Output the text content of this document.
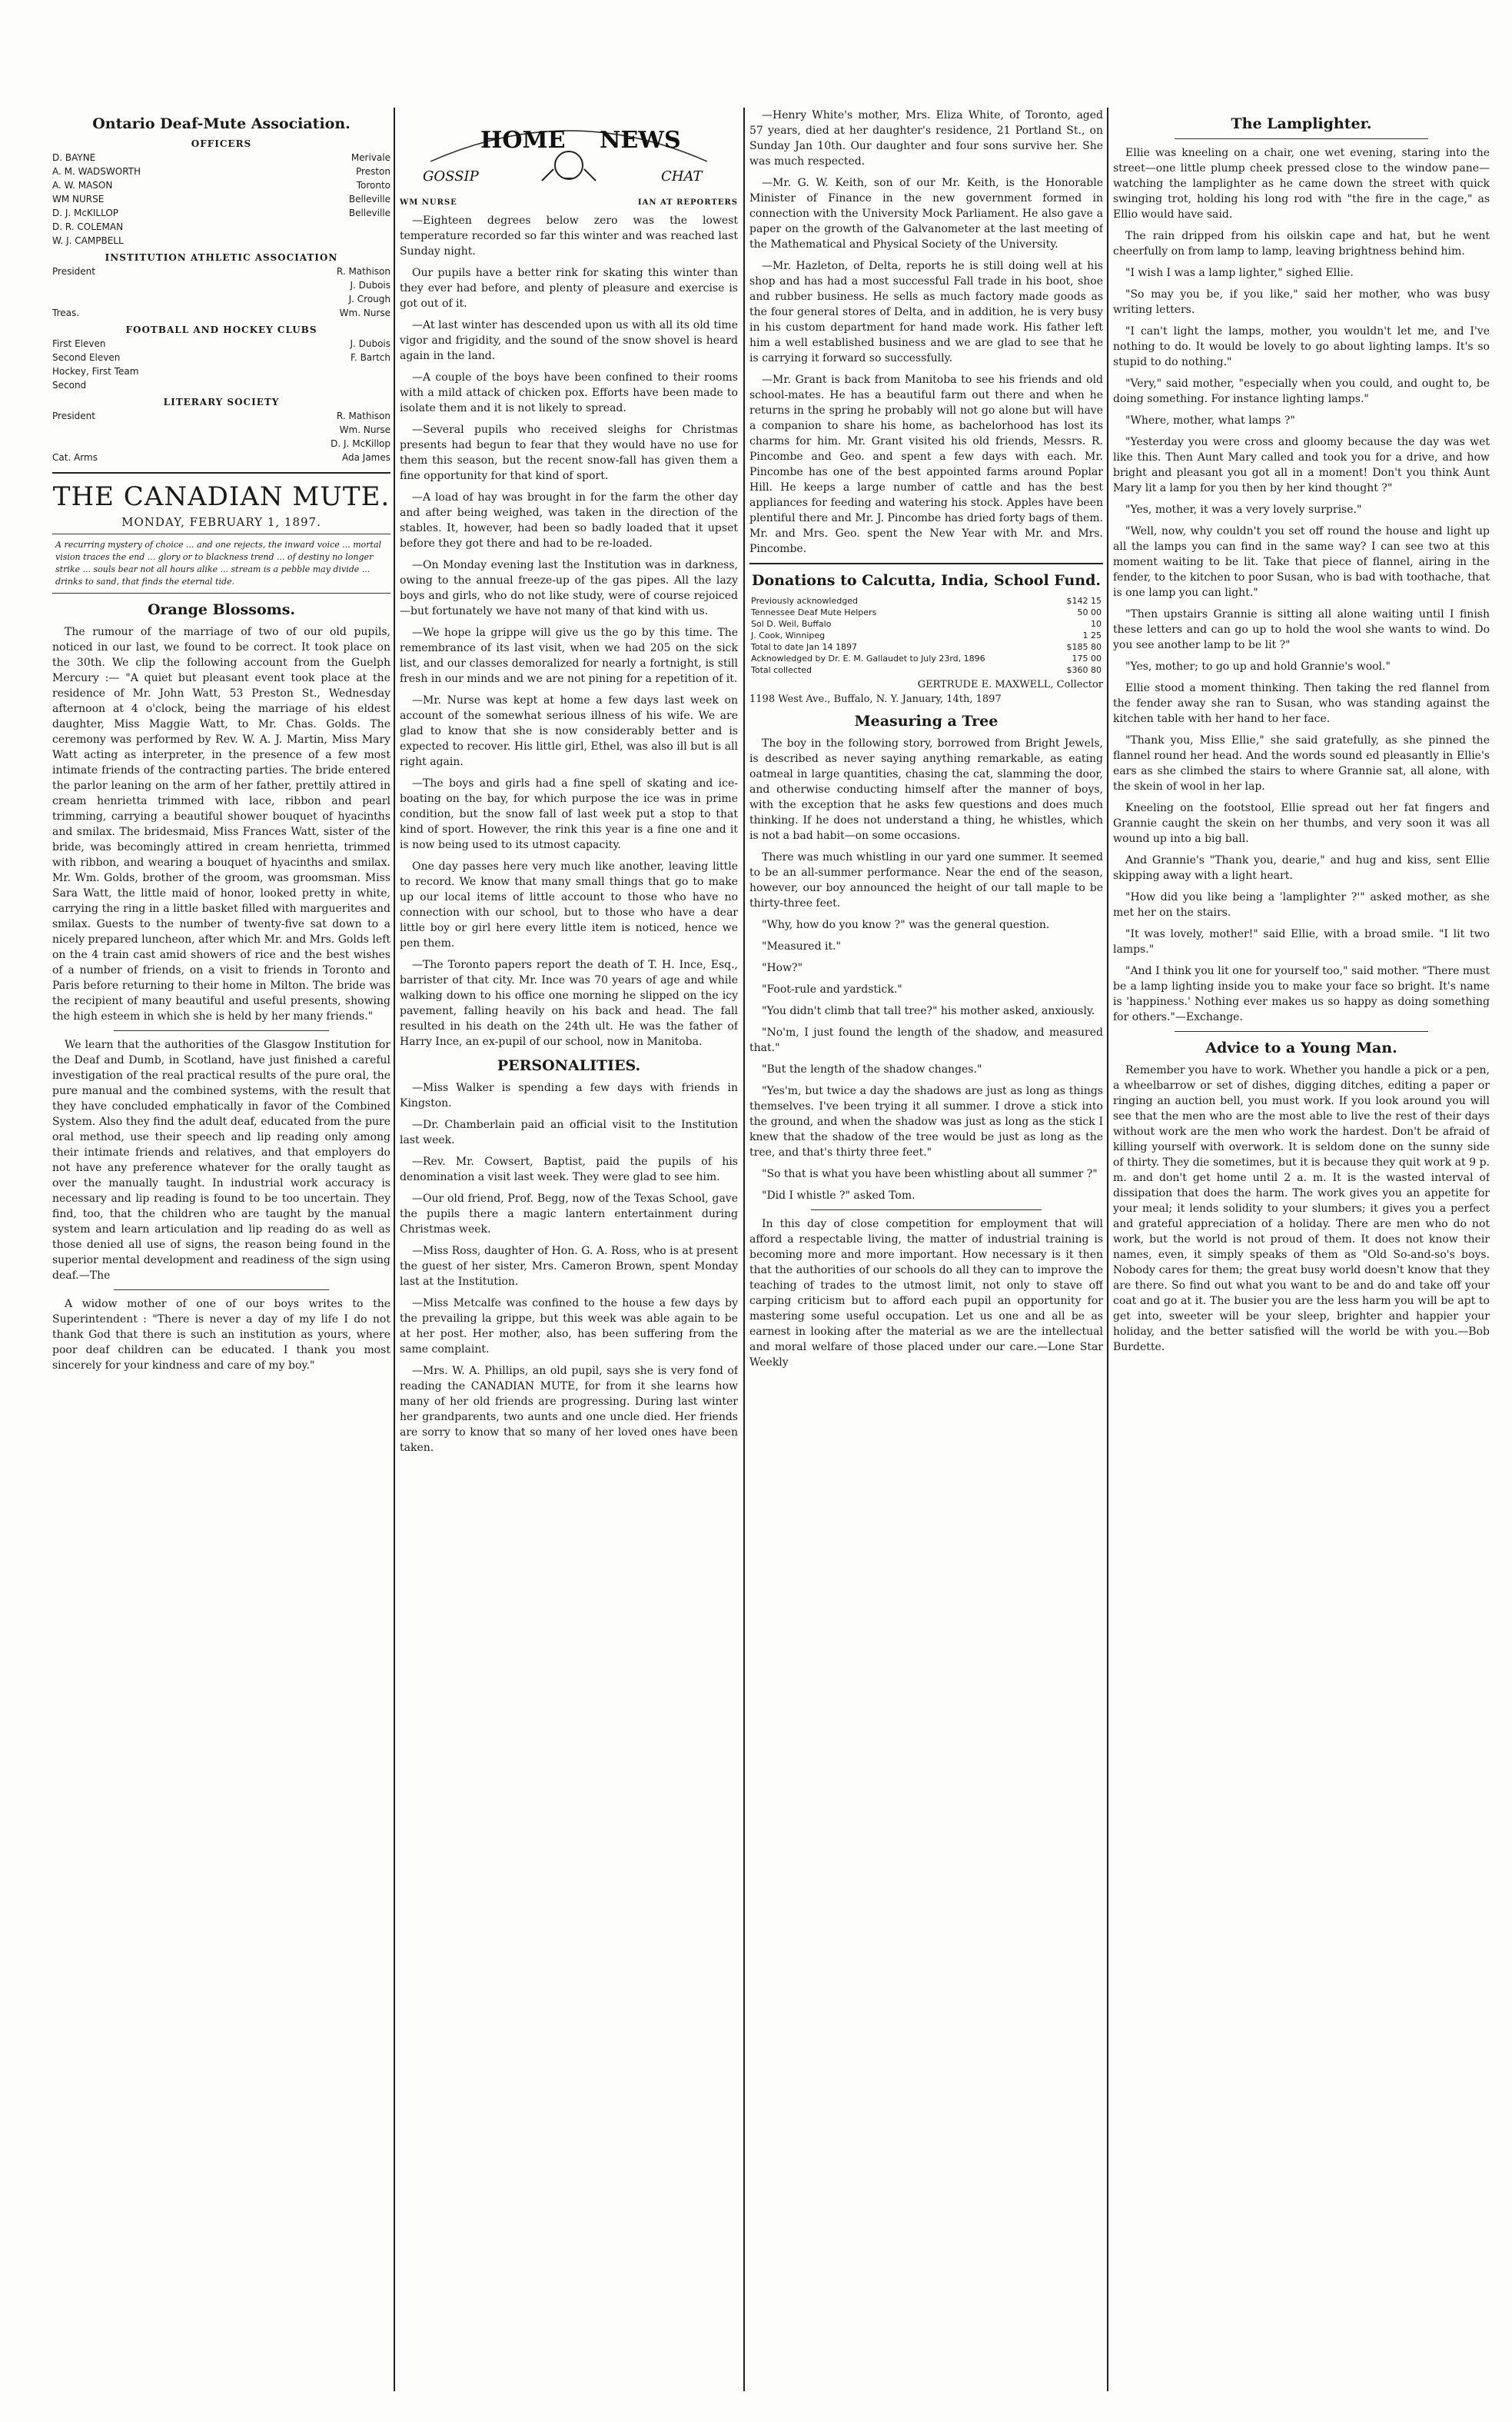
Ontario Deaf-Mute Association.
OFFICERS
D. BAYNE	Merivale
A. M. WADSWORTH	Preston
A. W. MASON	Toronto
WM NURSE	Belleville
D. J. McKILLOP	Belleville
D. R. COLEMAN
W. J. CAMPBELL
INSTITUTION ATHLETIC ASSOCIATION
President	R. Mathison
J. Dubois
J. Crough
Treas.	Wm. Nurse
FOOTBALL AND HOCKEY CLUBS
First Eleven	J. Dubois
Second Eleven	F. Bartch
Hockey, First Team
Second
LITERARY SOCIETY
President	R. Mathison
Wm. Nurse
D. J. McKillop
Cat. Arms	Ada James
THE CANADIAN MUTE.
MONDAY, FEBRUARY 1, 1897.
A recurring mystery of choice ... and one rejects, the inward voice ... mortal vision traces the end ... glory or to blackness trend ... of destiny no longer strike ... souls bear not all hours alike ... stream is a pebble may divide ... drinks to sand, that finds the eternal tide.
Orange Blossoms.

The rumour of the marriage of two of our old pupils, noticed in our last, we found to be correct. It took place on the 30th. We clip the following account from the Guelph Mercury :— "A quiet but pleasant event took place at the residence of Mr. John Watt, 53 Preston St., Wednesday afternoon at 4 o'clock, being the marriage of his eldest daughter, Miss Maggie Watt, to Mr. Chas. Golds. The ceremony was performed by Rev. W. A. J. Martin, Miss Mary Watt acting as interpreter, in the presence of a few most intimate friends of the contracting parties. The bride entered the parlor leaning on the arm of her father, prettily attired in cream henrietta trimmed with lace, ribbon and pearl trimming, carrying a beautiful shower bouquet of hyacinths and smilax. The bridesmaid, Miss Frances Watt, sister of the bride, was becomingly attired in cream henrietta, trimmed with ribbon, and wearing a bouquet of hyacinths and smilax. Mr. Wm. Golds, brother of the groom, was groomsman. Miss Sara Watt, the little maid of honor, looked pretty in white, carrying the ring in a little basket filled with marguerites and smilax. Guests to the number of twenty-five sat down to a nicely prepared luncheon, after which Mr. and Mrs. Golds left on the 4 train cast amid showers of rice and the best wishes of a number of friends, on a visit to friends in Toronto and Paris before returning to their home in Milton. The bride was the recipient of many beautiful and useful presents, showing the high esteem in which she is held by her many friends."

We learn that the authorities of the Glasgow Institution for the Deaf and Dumb, in Scotland, have just finished a careful investigation of the real practical results of the pure oral, the pure manual and the combined systems, with the result that they have concluded emphatically in favor of the Combined System. Also they find the adult deaf, educated from the pure oral method, use their speech and lip reading only among their intimate friends and relatives, and that employers do not have any preference whatever for the orally taught as over the manually taught. In industrial work accuracy is necessary and lip reading is found to be too uncertain. They find, too, that the children who are taught by the manual system and learn articulation and lip reading do as well as those denied all use of signs, the reason being found in the superior mental development and readiness of the sign using deaf.—The

A widow mother of one of our boys writes to the Superintendent : "There is never a day of my life I do not thank God that there is such an institution as yours, where poor deaf children can be educated. I thank you most sincerely for your kindness and care of my boy."

HOME NEWS
GOSSIP	CHAT
WM NURSE	IAN AT REPORTERS

—Eighteen degrees below zero was the lowest temperature recorded so far this winter and was reached last Sunday night.

Our pupils have a better rink for skating this winter than they ever had before, and plenty of pleasure and exercise is got out of it.

—At last winter has descended upon us with all its old time vigor and frigidity, and the sound of the snow shovel is heard again in the land.

—A couple of the boys have been confined to their rooms with a mild attack of chicken pox. Efforts have been made to isolate them and it is not likely to spread.

—Several pupils who received sleighs for Christmas presents had begun to fear that they would have no use for them this season, but the recent snow-fall has given them a fine opportunity for that kind of sport.

—A load of hay was brought in for the farm the other day and after being weighed, was taken in the direction of the stables. It, however, had been so badly loaded that it upset before they got there and had to be re-loaded.

—On Monday evening last the Institution was in darkness, owing to the annual freeze-up of the gas pipes. All the lazy boys and girls, who do not like study, were of course rejoiced—but fortunately we have not many of that kind with us.

—We hope la grippe will give us the go by this time. The remembrance of its last visit, when we had 205 on the sick list, and our classes demoralized for nearly a fortnight, is still fresh in our minds and we are not pining for a repetition of it.

—Mr. Nurse was kept at home a few days last week on account of the somewhat serious illness of his wife. We are glad to know that she is now considerably better and is expected to recover. His little girl, Ethel, was also ill but is all right again.

—The boys and girls had a fine spell of skating and ice-boating on the bay, for which purpose the ice was in prime condition, but the snow fall of last week put a stop to that kind of sport. However, the rink this year is a fine one and it is now being used to its utmost capacity.

One day passes here very much like another, leaving little to record. We know that many small things that go to make up our local items of little account to those who have no connection with our school, but to those who have a dear little boy or girl here every little item is noticed, hence we pen them.

—The Toronto papers report the death of T. H. Ince, Esq., barrister of that city. Mr. Ince was 70 years of age and while walking down to his office one morning he slipped on the icy pavement, falling heavily on his back and head. The fall resulted in his death on the 24th ult. He was the father of Harry Ince, an ex-pupil of our school, now in Manitoba.

PERSONALITIES.

—Miss Walker is spending a few days with friends in Kingston.

—Dr. Chamberlain paid an official visit to the Institution last week.

—Rev. Mr. Cowsert, Baptist, paid the pupils of his denomination a visit last week. They were glad to see him.

—Our old friend, Prof. Begg, now of the Texas School, gave the pupils there a magic lantern entertainment during Christmas week.

—Miss Ross, daughter of Hon. G. A. Ross, who is at present the guest of her sister, Mrs. Cameron Brown, spent Monday last at the Institution.

—Miss Metcalfe was confined to the house a few days by the prevailing la grippe, but this week was able again to be at her post. Her mother, also, has been suffering from the same complaint.

—Mrs. W. A. Phillips, an old pupil, says she is very fond of reading the CANADIAN MUTE, for from it she learns how many of her old friends are progressing. During last winter her grandparents, two aunts and one uncle died. Her friends are sorry to know that so many of her loved ones have been taken.

—Henry White's mother, Mrs. Eliza White, of Toronto, aged 57 years, died at her daughter's residence, 21 Portland St., on Sunday Jan 10th. Our daughter and four sons survive her. She was much respected.

—Mr. G. W. Keith, son of our Mr. Keith, is the Honorable Minister of Finance in the new government formed in connection with the University Mock Parliament. He also gave a paper on the growth of the Galvanometer at the last meeting of the Mathematical and Physical Society of the University.

—Mr. Hazleton, of Delta, reports he is still doing well at his shop and has had a most successful Fall trade in his boot, shoe and rubber business. He sells as much factory made goods as the four general stores of Delta, and in addition, he is very busy in his custom department for hand made work. His father left him a well established business and we are glad to see that he is carrying it forward so successfully.

—Mr. Grant is back from Manitoba to see his friends and old school-mates. He has a beautiful farm out there and when he returns in the spring he probably will not go alone but will have a companion to share his home, as bachelorhood has lost its charms for him. Mr. Grant visited his old friends, Messrs. R. Pincombe and Geo. and spent a few days with each. Mr. Pincombe has one of the best appointed farms around Poplar Hill. He keeps a large number of cattle and has the best appliances for feeding and watering his stock. Apples have been plentiful there and Mr. J. Pincombe has dried forty bags of them. Mr. and Mrs. Geo. spent the New Year with Mr. and Mrs. Pincombe.

Donations to Calcutta, India, School Fund.
Previously acknowledged	$142 15
Tennessee Deaf Mute Helpers	50 00
Sol D. Weil, Buffalo	10
J. Cook, Winnipeg	1 25
Total to date Jan 14 1897	$185 80
Acknowledged by Dr. E. M. Gallaudet to July 23rd, 1896	175 00
Total collected	$360 80
GERTRUDE E. MAXWELL, Collector
1198 West Ave., Buffalo, N. Y. January, 14th, 1897
Measuring a Tree

The boy in the following story, borrowed from Bright Jewels, is described as never saying anything remarkable, as eating oatmeal in large quantities, chasing the cat, slamming the door, and otherwise conducting himself after the manner of boys, with the exception that he asks few questions and does much thinking. If he does not understand a thing, he whistles, which is not a bad habit—on some occasions.

There was much whistling in our yard one summer. It seemed to be an all-summer performance. Near the end of the season, however, our boy announced the height of our tall maple to be thirty-three feet.

"Why, how do you know ?" was the general question.

"Measured it."

"How?"

"Foot-rule and yardstick."

"You didn't climb that tall tree?" his mother asked, anxiously.

"No'm, I just found the length of the shadow, and measured that."

"But the length of the shadow changes."

"Yes'm, but twice a day the shadows are just as long as things themselves. I've been trying it all summer. I drove a stick into the ground, and when the shadow was just as long as the stick I knew that the shadow of the tree would be just as long as the tree, and that's thirty three feet."

"So that is what you have been whistling about all summer ?"

"Did I whistle ?" asked Tom.

In this day of close competition for employment that will afford a respectable living, the matter of industrial training is becoming more and more important. How necessary is it then that the authorities of our schools do all they can to improve the teaching of trades to the utmost limit, not only to stave off carping criticism but to afford each pupil an opportunity for mastering some useful occupation. Let us one and all be as earnest in looking after the material as we are the intellectual and moral welfare of those placed under our care.—Lone Star Weekly

The Lamplighter.

Ellie was kneeling on a chair, one wet evening, staring into the street—one little plump cheek pressed close to the window pane—watching the lamplighter as he came down the street with quick swinging trot, holding his long rod with "the fire in the cage," as Ellio would have said.

The rain dripped from his oilskin cape and hat, but he went cheerfully on from lamp to lamp, leaving brightness behind him.

"I wish I was a lamp lighter," sighed Ellie.

"So may you be, if you like," said her mother, who was busy writing letters.

"I can't light the lamps, mother, you wouldn't let me, and I've nothing to do. It would be lovely to go about lighting lamps. It's so stupid to do nothing."

"Very," said mother, "especially when you could, and ought to, be doing something. For instance lighting lamps."

"Where, mother, what lamps ?"

"Yesterday you were cross and gloomy because the day was wet like this. Then Aunt Mary called and took you for a drive, and how bright and pleasant you got all in a moment! Don't you think Aunt Mary lit a lamp for you then by her kind thought ?"

"Yes, mother, it was a very lovely surprise."

"Well, now, why couldn't you set off round the house and light up all the lamps you can find in the same way? I can see two at this moment waiting to be lit. Take that piece of flannel, airing in the fender, to the kitchen to poor Susan, who is bad with toothache, that is one lamp you can light."

"Then upstairs Grannie is sitting all alone waiting until I finish these letters and can go up to hold the wool she wants to wind. Do you see another lamp to be lit ?"

"Yes, mother; to go up and hold Grannie's wool."

Ellie stood a moment thinking. Then taking the red flannel from the fender away she ran to Susan, who was standing against the kitchen table with her hand to her face.

"Thank you, Miss Ellie," she said gratefully, as she pinned the flannel round her head. And the words sound ed pleasantly in Ellie's ears as she climbed the stairs to where Grannie sat, all alone, with the skein of wool in her lap.

Kneeling on the footstool, Ellie spread out her fat fingers and Grannie caught the skein on her thumbs, and very soon it was all wound up into a big ball.

And Grannie's "Thank you, dearie," and hug and kiss, sent Ellie skipping away with a light heart.

"How did you like being a 'lamplighter ?'" asked mother, as she met her on the stairs.

"It was lovely, mother!" said Ellie, with a broad smile. "I lit two lamps."

"And I think you lit one for yourself too," said mother. "There must be a lamp lighting inside you to make your face so bright. It's name is 'happiness.' Nothing ever makes us so happy as doing something for others."—Exchange.

Advice to a Young Man.

Remember you have to work. Whether you handle a pick or a pen, a wheelbarrow or set of dishes, digging ditches, editing a paper or ringing an auction bell, you must work. If you look around you will see that the men who are the most able to live the rest of their days without work are the men who work the hardest. Don't be afraid of killing yourself with overwork. It is seldom done on the sunny side of thirty. They die sometimes, but it is because they quit work at 9 p. m. and don't get home until 2 a. m. It is the wasted interval of dissipation that does the harm. The work gives you an appetite for your meal; it lends solidity to your slumbers; it gives you a perfect and grateful appreciation of a holiday. There are men who do not work, but the world is not proud of them. It does not know their names, even, it simply speaks of them as "Old So-and-so's boys. Nobody cares for them; the great busy world doesn't know that they are there. So find out what you want to be and do and take off your coat and go at it. The busier you are the less harm you will be apt to get into, sweeter will be your sleep, brighter and happier your holiday, and the better satisfied will the world be with you.—Bob Burdette.
